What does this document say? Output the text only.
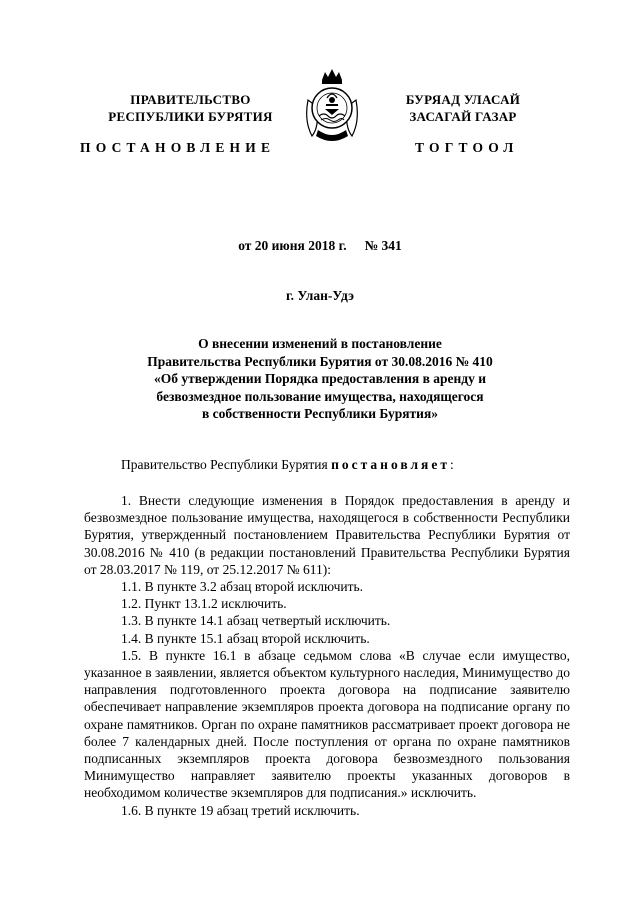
ПРАВИТЕЛЬСТВО
РЕСПУБЛИКИ БУРЯТИЯ
БУРЯАД УЛАСАЙ
ЗАСАГАЙ ГАЗАР
ПОСТАНОВЛЕНИЕ	ТОГТООЛ
от 20 июня 2018 г. № 341
г. Улан-Удэ
О внесении изменений в постановление
Правительства Республики Бурятия от 30.08.2016 № 410
«Об утверждении Порядка предоставления в аренду и
безвозмездное пользование имущества, находящегося
в собственности Республики Бурятия»
Правительство Республики Бурятия постановляет:

1. Внести следующие изменения в Порядок предоставления в аренду и безвозмездное пользование имущества, находящегося в собственности Республики Бурятия, утвержденный постановлением Правительства Республики Бурятия от 30.08.2016 № 410 (в редакции постановлений Правительства Республики Бурятия от 28.03.2017 № 119, от 25.12.2017 № 611):

1.1. В пункте 3.2 абзац второй исключить.

1.2. Пункт 13.1.2 исключить.

1.3. В пункте 14.1 абзац четвертый исключить.

1.4. В пункте 15.1 абзац второй исключить.

1.5. В пункте 16.1 в абзаце седьмом слова «В случае если имущество, указанное в заявлении, является объектом культурного наследия, Минимущество до направления подготовленного проекта договора на подписание заявителю обеспечивает направление экземпляров проекта договора на подписание органу по охране памятников. Орган по охране памятников рассматривает проект договора не более 7 календарных дней. После поступления от органа по охране памятников подписанных экземпляров проекта договора безвозмездного пользования Минимущество направляет заявителю проекты указанных договоров в необходимом количестве экземпляров для подписания.» исключить.

1.6. В пункте 19 абзац третий исключить.
